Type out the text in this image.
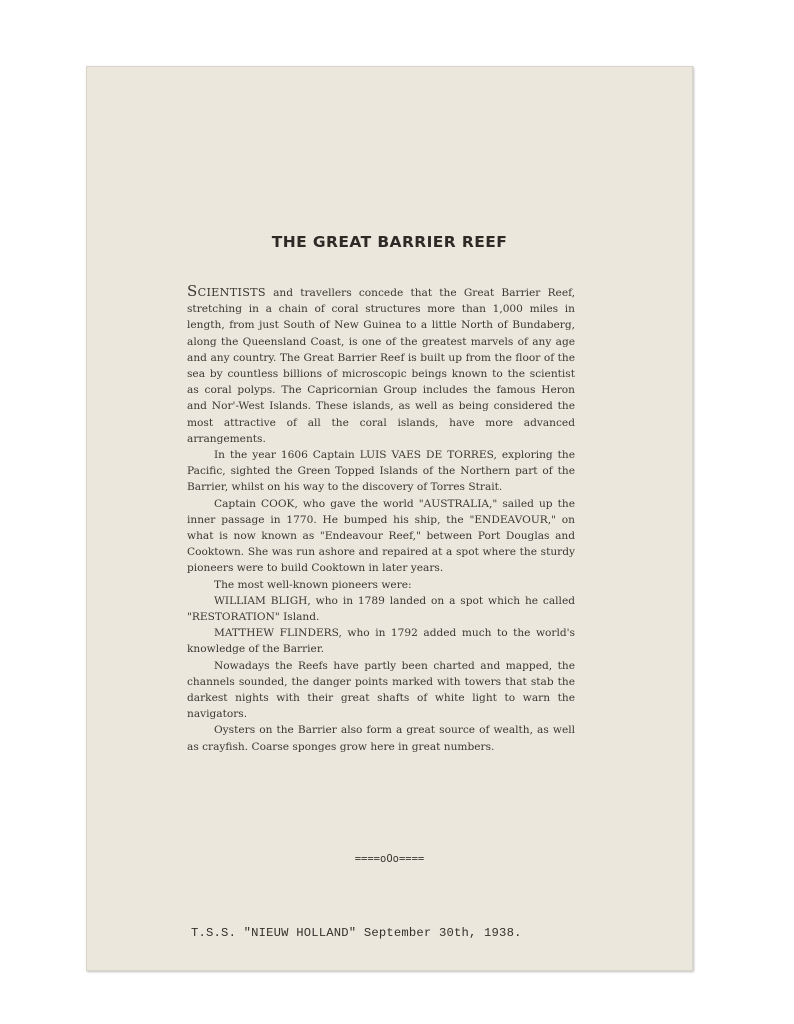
THE GREAT BARRIER REEF

SCIENTISTS and travellers concede that the Great Barrier Reef, stretching in a chain of coral structures more than 1,000 miles in length, from just South of New Guinea to a little North of Bundaberg, along the Queensland Coast, is one of the greatest marvels of any age and any country. The Great Barrier Reef is built up from the floor of the sea by countless billions of microscopic beings known to the scientist as coral polyps. The Capricornian Group includes the famous Heron and Nor'-West Islands. These islands, as well as being considered the most attractive of all the coral islands, have more advanced arrangements.

In the year 1606 Captain LUIS VAES DE TORRES, exploring the Pacific, sighted the Green Topped Islands of the Northern part of the Barrier, whilst on his way to the discovery of Torres Strait.

Captain COOK, who gave the world "AUSTRALIA," sailed up the inner passage in 1770. He bumped his ship, the "ENDEAVOUR," on what is now known as "Endeavour Reef," between Port Douglas and Cooktown. She was run ashore and repaired at a spot where the sturdy pioneers were to build Cooktown in later years.

The most well-known pioneers were:

WILLIAM BLIGH, who in 1789 landed on a spot which he called "RESTORATION" Island.

MATTHEW FLINDERS, who in 1792 added much to the world's knowledge of the Barrier.

Nowadays the Reefs have partly been charted and mapped, the channels sounded, the danger points marked with towers that stab the darkest nights with their great shafts of white light to warn the navigators.

Oysters on the Barrier also form a great source of wealth, as well as crayfish. Coarse sponges grow here in great numbers.

====oOo====
T.S.S. "NIEUW HOLLAND" September 30th, 1938.
